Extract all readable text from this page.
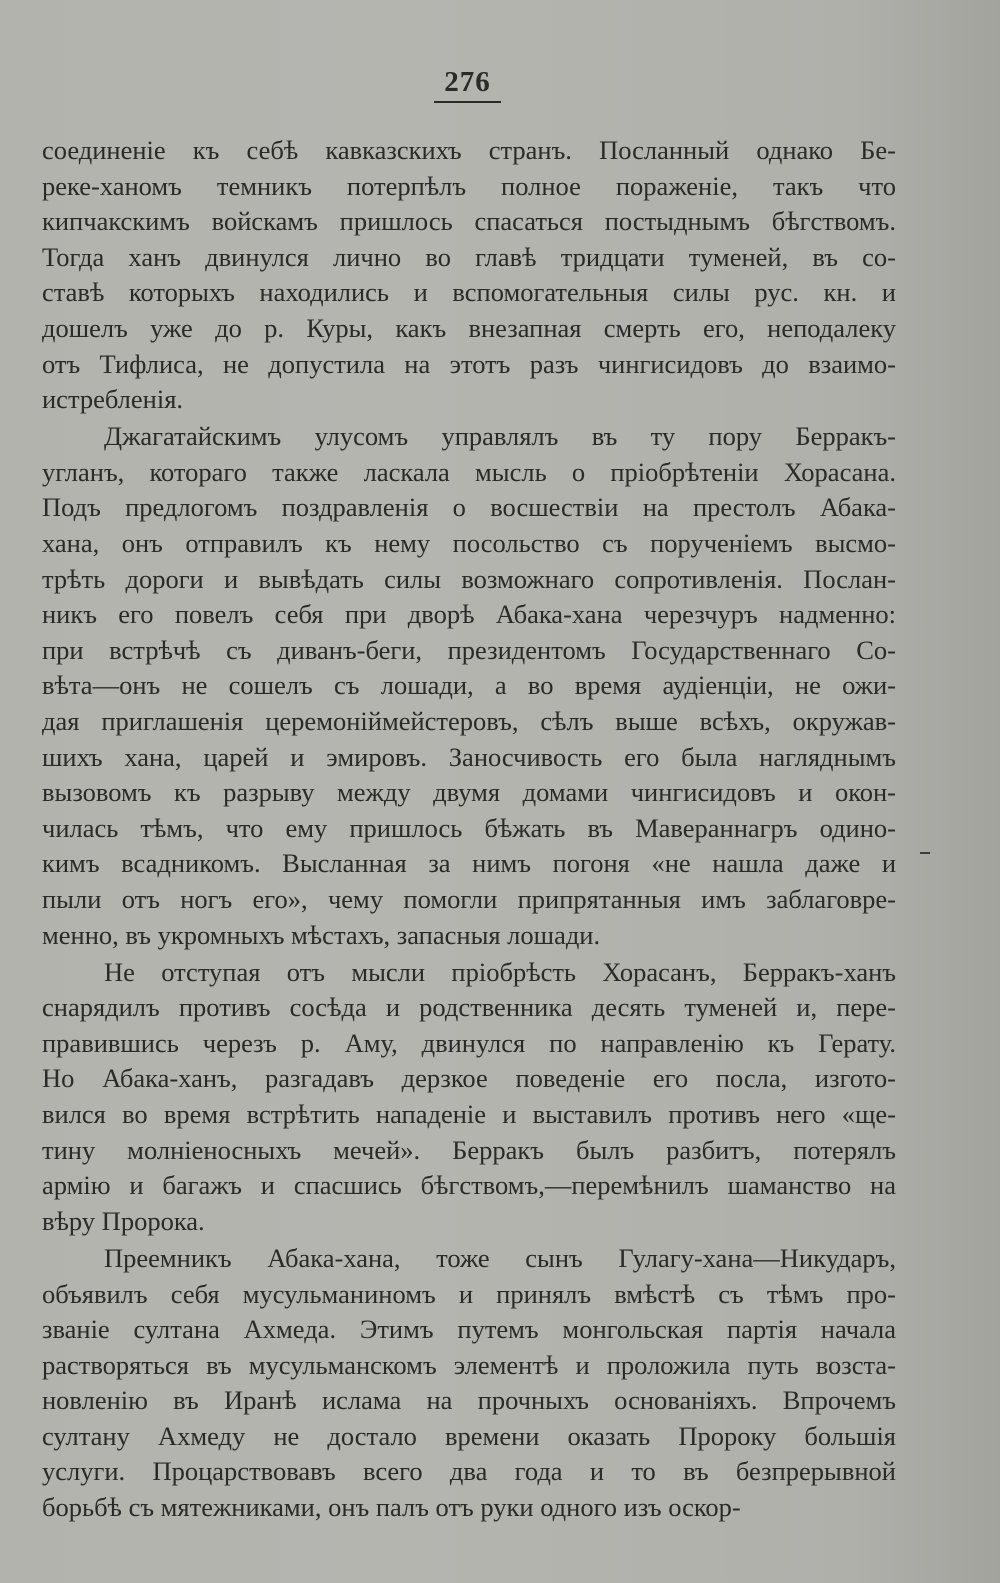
276
соединенiе къ себѣ кавказскихъ странъ. Посланный однако Бе-
реке-ханомъ темникъ потерпѣлъ полное пораженiе, такъ что
кипчакскимъ войскамъ пришлось спасаться постыднымъ бѣгствомъ.
Тогда ханъ двинулся лично во главѣ тридцати туменей, въ со-
ставѣ которыхъ находились и вспомогательныя силы рус. кн. и
дошелъ уже до р. Куры, какъ внезапная смерть его, неподалеку
отъ Тифлиса, не допустила на этотъ разъ чингисидовъ до взаимо-
истребленiя.
Джагатайскимъ улусомъ управлялъ въ ту пору Берракъ-
угланъ, котораго также ласкала мысль о прiобрѣтенiи Хорасана.
Подъ предлогомъ поздравленiя о восшествiи на престолъ Абака-
хана, онъ отправилъ къ нему посольство съ порученiемъ высмо-
трѣть дороги и вывѣдать силы возможнаго сопротивленiя. Послан-
никъ его повелъ себя при дворѣ Абака-хана черезчуръ надменно:
при встрѣчѣ съ диванъ-беги, президентомъ Государственнаго Со-
вѣта—онъ не сошелъ съ лошади, а во время аудiенцiи, не ожи-
дая приглашенiя церемонiймейстеровъ, сѣлъ выше всѣхъ, окружав-
шихъ хана, царей и эмировъ. Заносчивость его была нагляднымъ
вызовомъ къ разрыву между двумя домами чингисидовъ и окон-
чилась тѣмъ, что ему пришлось бѣжать въ Мавераннагръ одино-
кимъ всадникомъ. Высланная за нимъ погоня «не нашла даже и
пыли отъ ногъ его», чему помогли припрятанныя имъ заблаговре-
менно, въ укромныхъ мѣстахъ, запасныя лошади.
Не отступая отъ мысли прiобрѣсть Хорасанъ, Берракъ-ханъ
снарядилъ противъ сосѣда и родственника десять туменей и, пере-
правившись черезъ р. Аму, двинулся по направленiю къ Герату.
Но Абака-ханъ, разгадавъ дерзкое поведенiе его посла, изгото-
вился во время встрѣтить нападенiе и выставилъ противъ него «ще-
тину молнiеносныхъ мечей». Берракъ былъ разбитъ, потерялъ
армiю и багажъ и спасшись бѣгствомъ,—перемѣнилъ шаманство на
вѣру Пророка.
Преемникъ Абака-хана, тоже сынъ Гулагу-хана—Никударъ,
объявилъ себя мусульманиномъ и принялъ вмѣстѣ съ тѣмъ про-
званiе султана Ахмеда. Этимъ путемъ монгольская партiя начала
растворяться въ мусульманскомъ элементѣ и проложила путь возста-
новленiю въ Иранѣ ислама на прочныхъ основанiяхъ. Впрочемъ
султану Ахмеду не достало времени оказать Пророку большiя
услуги. Процарствовавъ всего два года и то въ безпрерывной
борьбѣ съ мятежниками, онъ палъ отъ руки одного изъ оскор-
